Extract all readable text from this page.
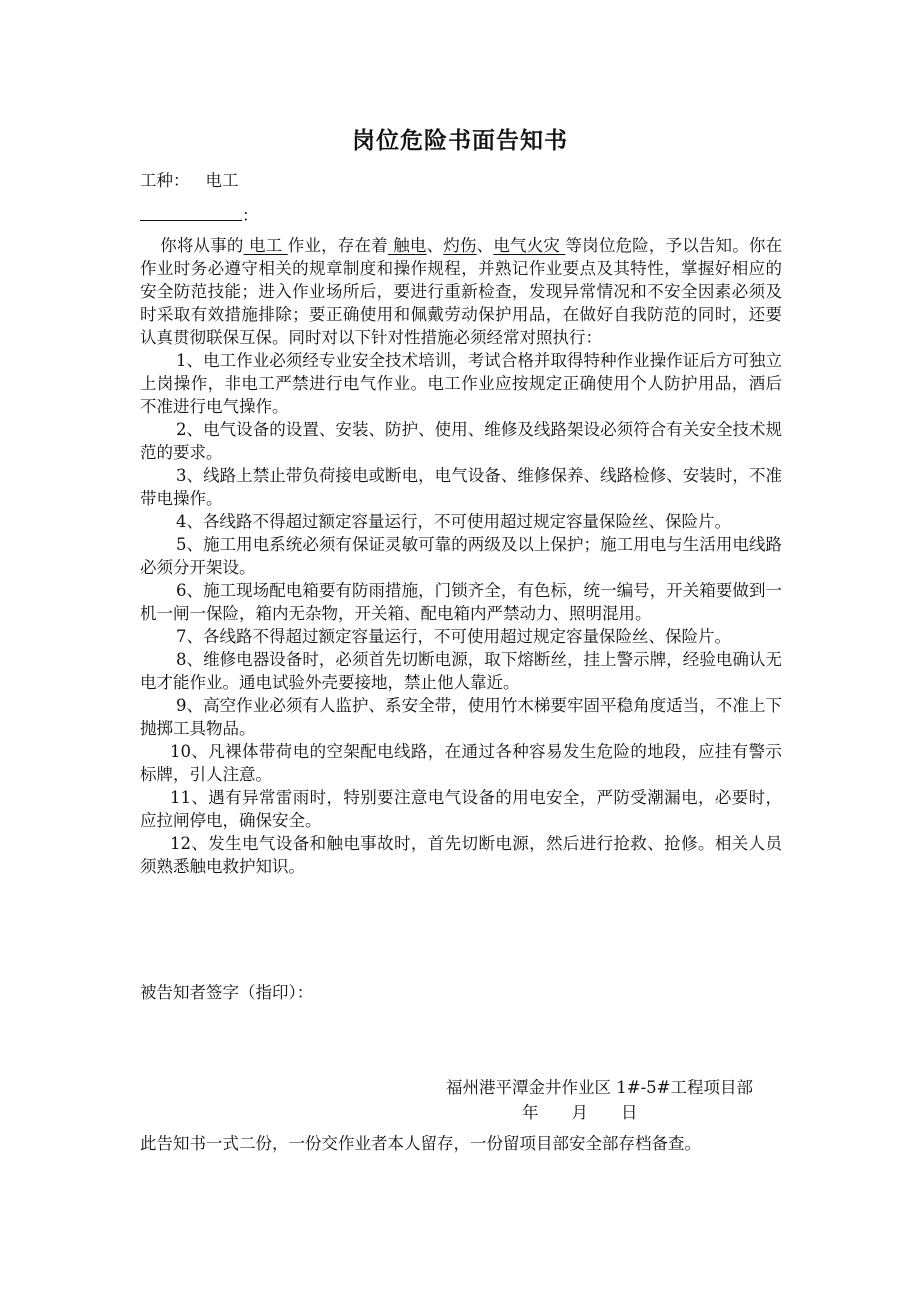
岗位危险书面告知书
工种： 电工
：

你将从事的 电工 作业，存在着 触电、灼伤、电气火灾 等岗位危险，予以告知。你在作业时务必遵守相关的规章制度和操作规程，并熟记作业要点及其特性，掌握好相应的安全防范技能；进入作业场所后，要进行重新检查，发现异常情况和不安全因素必须及时采取有效措施排除；要正确使用和佩戴劳动保护用品，在做好自我防范的同时，还要认真贯彻联保互保。同时对以下针对性措施必须经常对照执行：

1、电工作业必须经专业安全技术培训，考试合格并取得特种作业操作证后方可独立上岗操作，非电工严禁进行电气作业。电工作业应按规定正确使用个人防护用品，酒后不准进行电气操作。

2、电气设备的设置、安装、防护、使用、维修及线路架设必须符合有关安全技术规范的要求。

3、线路上禁止带负荷接电或断电，电气设备、维修保养、线路检修、安装时，不准带电操作。

4、各线路不得超过额定容量运行，不可使用超过规定容量保险丝、保险片。

5、施工用电系统必须有保证灵敏可靠的两级及以上保护；施工用电与生活用电线路必须分开架设。

6、施工现场配电箱要有防雨措施，门锁齐全，有色标，统一编号，开关箱要做到一机一闸一保险，箱内无杂物，开关箱、配电箱内严禁动力、照明混用。

7、各线路不得超过额定容量运行，不可使用超过规定容量保险丝、保险片。

8、维修电器设备时，必须首先切断电源，取下熔断丝，挂上警示牌，经验电确认无电才能作业。通电试验外壳要接地，禁止他人靠近。

9、高空作业必须有人监护、系安全带，使用竹木梯要牢固平稳角度适当，不准上下抛掷工具物品。

10、凡裸体带荷电的空架配电线路，在通过各种容易发生危险的地段，应挂有警示标牌，引人注意。

11、遇有异常雷雨时，特别要注意电气设备的用电安全，严防受潮漏电，必要时，应拉闸停电，确保安全。

12、发生电气设备和触电事故时，首先切断电源，然后进行抢救、抢修。相关人员须熟悉触电救护知识。

被告知者签字（指印）：
福州港平潭金井作业区 1#-5#工程项目部
年　　月　　日
此告知书一式二份，一份交作业者本人留存，一份留项目部安全部存档备查。
